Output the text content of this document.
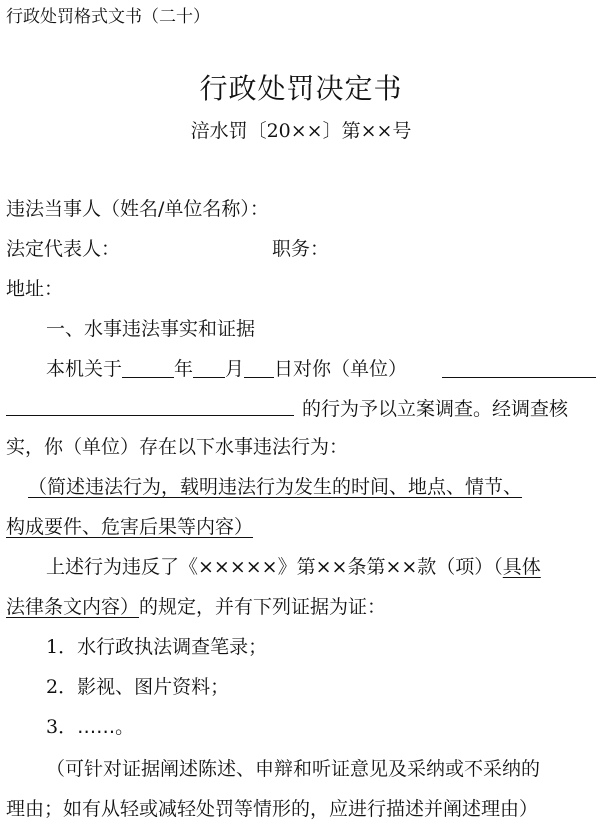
行政处罚格式文书（二十）
行政处罚决定书
涪水罚〔20××〕第××号
违法当事人（姓名/单位名称）：
法定代表人：	职务：
地址：
一、水事违法事实和证据
本机关于	年 月 日对你（单位）
的行为予以立案调查。经调查核
实，你（单位）存在以下水事违法行为：
（简述违法行为，载明违法行为发生的时间、地点、情节、
构成要件、危害后果等内容）
上述行为违反了《×××××》第××条第××款（项）（具体
法律条文内容）的规定，并有下列证据为证：
1．水行政执法调查笔录；
2．影视、图片资料；
3．……。
（可针对证据阐述陈述、申辩和听证意见及采纳或不采纳的
理由；如有从轻或减轻处罚等情形的，应进行描述并阐述理由）
